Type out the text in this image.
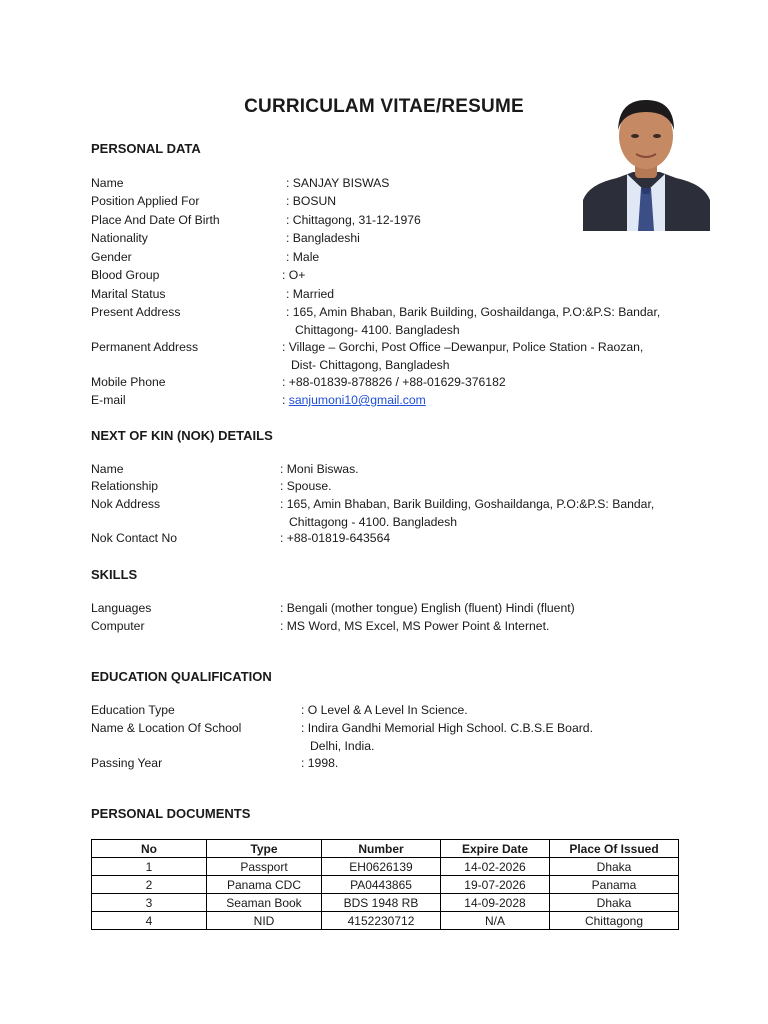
CURRICULAM VITAE/RESUME
PERSONAL DATA
Name	: SANJAY BISWAS
Position Applied For	: BOSUN
Place And Date Of Birth	: Chittagong, 31-12-1976
Nationality	: Bangladeshi
Gender	: Male
Blood Group	: O+
Marital Status	: Married
Present Address	: 165, Amin Bhaban, Barik Building, Goshaildanga, P.O:&P.S: Bandar,
Chittagong- 4100. Bangladesh
Permanent Address	: Village – Gorchi, Post Office –Dewanpur, Police Station - Raozan,
Dist- Chittagong, Bangladesh
Mobile Phone	: +88-01839-878826 / +88-01629-376182
E-mail	: sanjumoni10@gmail.com
NEXT OF KIN (NOK) DETAILS
Name	: Moni Biswas.
Relationship	: Spouse.
Nok Address	: 165, Amin Bhaban, Barik Building, Goshaildanga, P.O:&P.S: Bandar,
Chittagong - 4100. Bangladesh
Nok Contact No	: +88-01819-643564
SKILLS
Languages	: Bengali (mother tongue) English (fluent) Hindi (fluent)
Computer	: MS Word, MS Excel, MS Power Point & Internet.
EDUCATION QUALIFICATION
Education Type	: O Level & A Level In Science.
Name & Location Of School	: Indira Gandhi Memorial High School. C.B.S.E Board.
Delhi, India.
Passing Year	: 1998.
PERSONAL DOCUMENTS
No	Type	Number	Expire Date	Place Of Issued
1	Passport	EH0626139	14-02-2026	Dhaka
2	Panama CDC	PA0443865	19-07-2026	Panama
3	Seaman Book	BDS 1948 RB	14-09-2028	Dhaka
4	NID	4152230712	N/A	Chittagong
